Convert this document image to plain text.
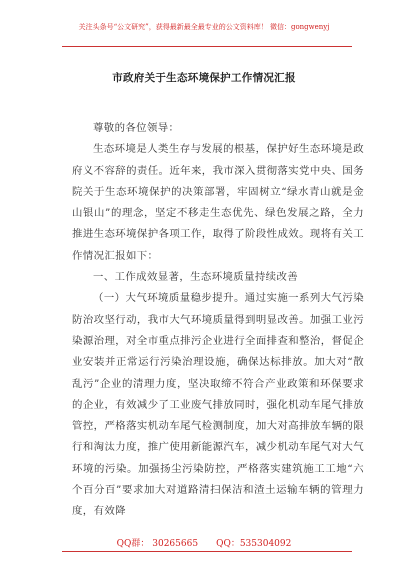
关注头条号“公文研究”，获得最新最全最专业的公文资料库！ 微信：gongwenyj
市政府关于生态环境保护工作情况汇报

尊敬的各位领导：

生态环境是人类生存与发展的根基，保护好生态环境是政府义不容辞的责任。近年来，我市深入贯彻落实党中央、国务院关于生态环境保护的决策部署，牢固树立“绿水青山就是金山银山”的理念，坚定不移走生态优先、绿色发展之路，全力推进生态环境保护各项工作，取得了阶段性成效。现将有关工作情况汇报如下：

一、工作成效显著，生态环境质量持续改善

（一）大气环境质量稳步提升。通过实施一系列大气污染防治攻坚行动，我市大气环境质量得到明显改善。加强工业污染源治理，对全市重点排污企业进行全面排查和整治，督促企业安装并正常运行污染治理设施，确保达标排放。加大对“散乱污”企业的清理力度，坚决取缔不符合产业政策和环保要求的企业，有效减少了工业废气排放同时，强化机动车尾气排放管控，严格落实机动车尾气检测制度，加大对高排放车辆的限行和淘汰力度，推广使用新能源汽车，减少机动车尾气对大气环境的污染。加强扬尘污染防控，严格落实建筑施工工地“六个百分百”要求加大对道路清扫保洁和渣土运输车辆的管理力度，有效降

QQ群： 30265665 QQ：535304092
